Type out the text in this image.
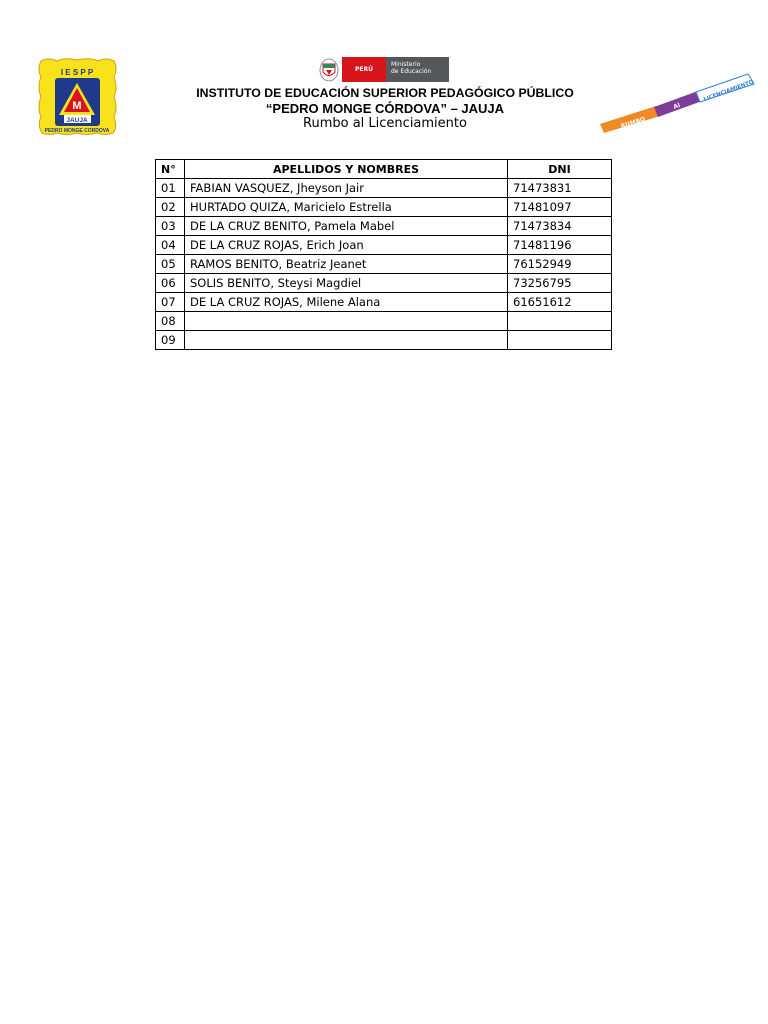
I E S P P
M
JAUJA
PEDRO MONGE CORDOVA
PERÚ
Ministerio
de Educación

INSTITUTO DE EDUCACIÓN SUPERIOR PEDAGÓGICO PÚBLICO

“PEDRO MONGE CÓRDOVA” – JAUJA

Rumbo al Licenciamiento	RUMBO
Al
LICENCIAMIENTO
N°	APELLIDOS Y NOMBRES	DNI
01	FABIAN VASQUEZ, Jheyson Jair	71473831
02	HURTADO QUIZA, Maricielo Estrella	71481097
03	DE LA CRUZ BENITO, Pamela Mabel	71473834
04	DE LA CRUZ ROJAS, Erich Joan	71481196
05	RAMOS BENITO, Beatriz Jeanet	76152949
06	SOLIS BENITO, Steysi Magdiel	73256795
07	DE LA CRUZ ROJAS, Milene Alana	61651612
08		
09		
